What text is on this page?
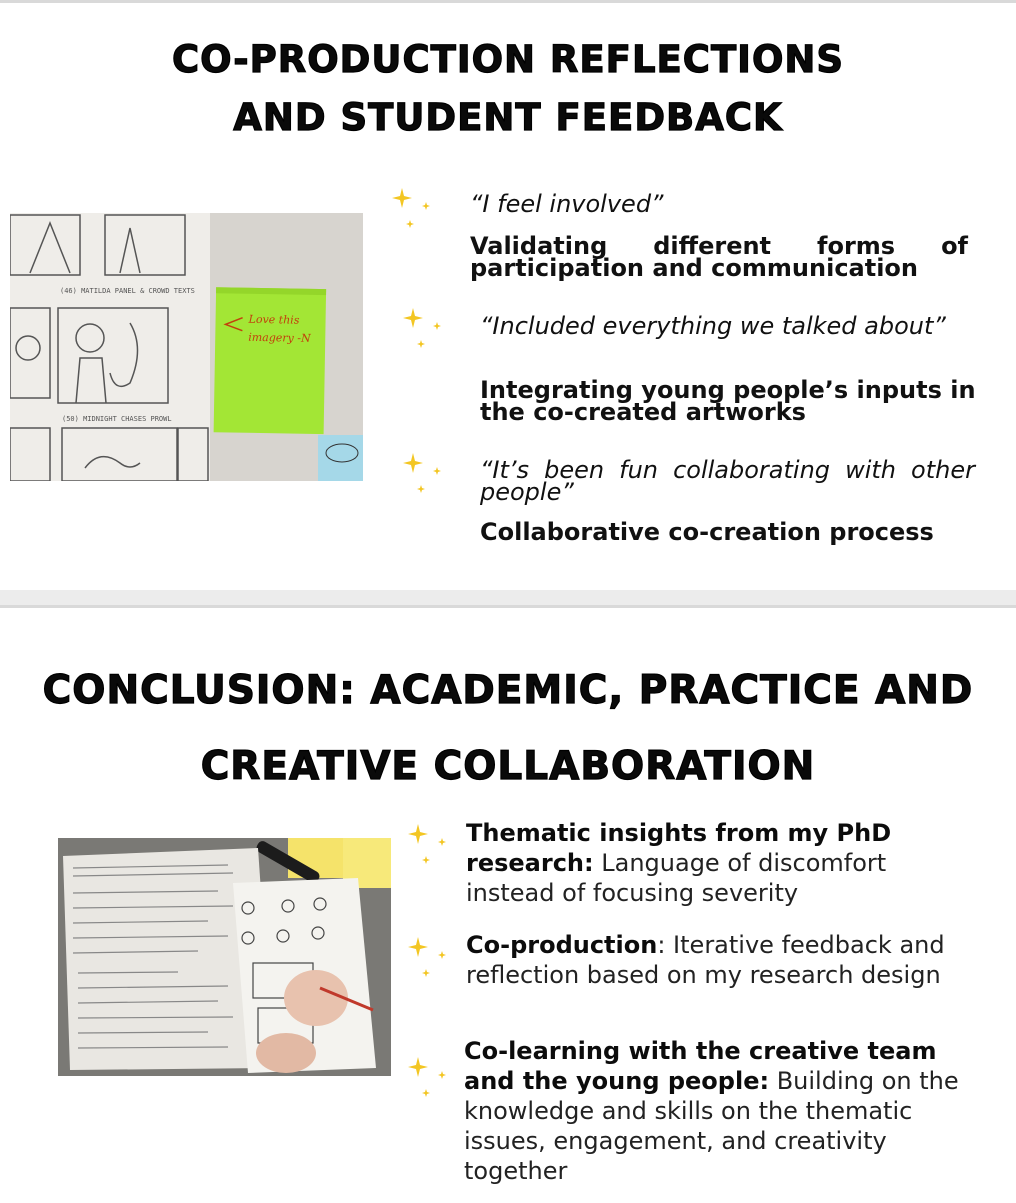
CO-PRODUCTION REFLECTIONS
AND STUDENT FEEDBACK
(46) MATILDA PANEL & CROWD TEXTS
(50) MIDNIGHT CHASES PROWL
Love this
imagery -N
“I feel involved”
Validating different forms of participation and communication
“Included everything we talked about”
Integrating young people’s inputs in the co-created artworks
“It’s been fun collaborating with other people”
Collaborative co-creation process
CONCLUSION: ACADEMIC, PRACTICE AND
CREATIVE COLLABORATION
Thematic insights from my PhD research: Language of discomfort instead of focusing severity
Co-production: Iterative feedback and reflection based on my research design
Co-learning with the creative team and the young people: Building on the knowledge and skills on the thematic issues, engagement, and creativity together
